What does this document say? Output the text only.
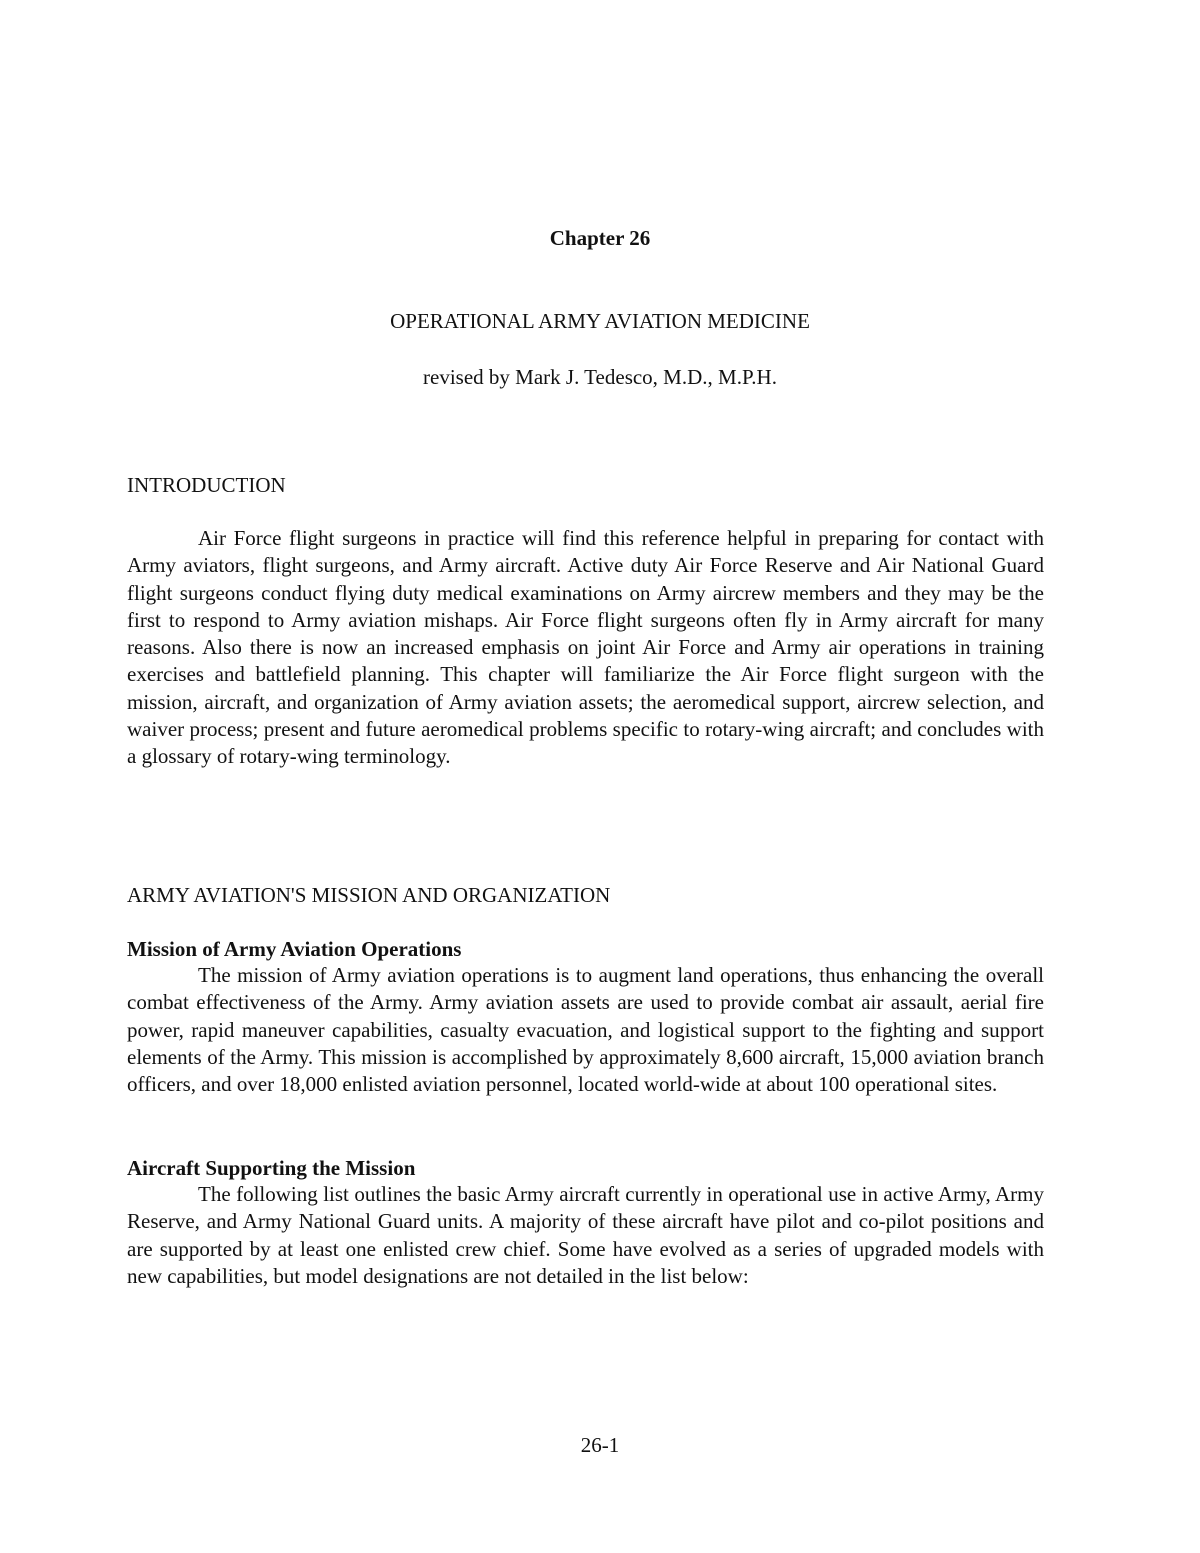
Chapter 26
OPERATIONAL ARMY AVIATION MEDICINE
revised by Mark J. Tedesco, M.D., M.P.H.
INTRODUCTION

Air Force flight surgeons in practice will find this reference helpful in preparing for contact with Army aviators, flight surgeons, and Army aircraft. Active duty Air Force Reserve and Air National Guard flight surgeons conduct flying duty medical examinations on Army aircrew members and they may be the first to respond to Army aviation mishaps. Air Force flight surgeons often fly in Army aircraft for many reasons. Also there is now an increased emphasis on joint Air Force and Army air operations in training exercises and battlefield planning. This chapter will familiarize the Air Force flight surgeon with the mission, aircraft, and organization of Army aviation assets; the aeromedical support, aircrew selection, and waiver process; present and future aeromedical problems specific to rotary-wing aircraft; and concludes with a glossary of rotary-wing terminology.

ARMY AVIATION'S MISSION AND ORGANIZATION
Mission of Army Aviation Operations

The mission of Army aviation operations is to augment land operations, thus enhancing the overall combat effectiveness of the Army. Army aviation assets are used to provide combat air assault, aerial fire power, rapid maneuver capabilities, casualty evacuation, and logistical support to the fighting and support elements of the Army. This mission is accomplished by approximately 8,600 aircraft, 15,000 aviation branch officers, and over 18,000 enlisted aviation personnel, located world-wide at about 100 operational sites.

Aircraft Supporting the Mission

The following list outlines the basic Army aircraft currently in operational use in active Army, Army Reserve, and Army National Guard units. A majority of these aircraft have pilot and co-pilot positions and are supported by at least one enlisted crew chief. Some have evolved as a series of upgraded models with new capabilities, but model designations are not detailed in the list below:

26-1
